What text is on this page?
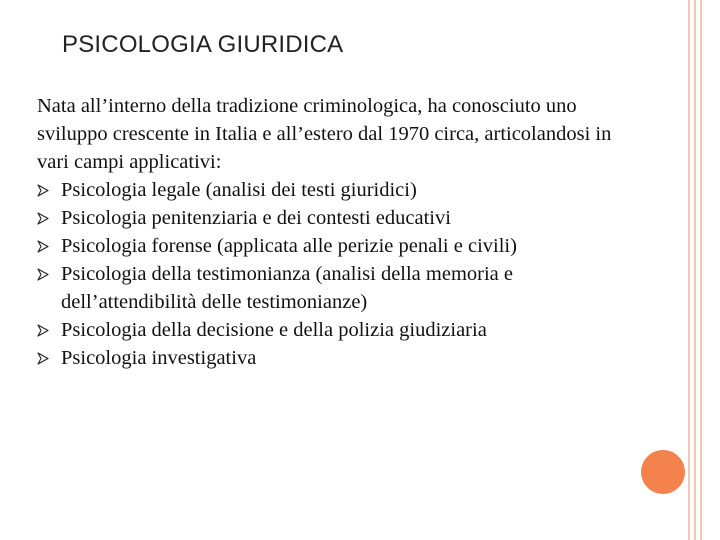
PSICOLOGIA GIURIDICA

Nata all’interno della tradizione criminologica, ha conosciuto uno sviluppo crescente in Italia e all’estero dal 1970 circa, articolandosi in vari campi applicativi:

Psicologia legale (analisi dei testi giuridici)
Psicologia penitenziaria e dei contesti educativi
Psicologia forense (applicata alle perizie penali e civili)
Psicologia della testimonianza (analisi della memoria e dell’attendibilità delle testimonianze)
Psicologia della decisione e della polizia giudiziaria
Psicologia investigativa
